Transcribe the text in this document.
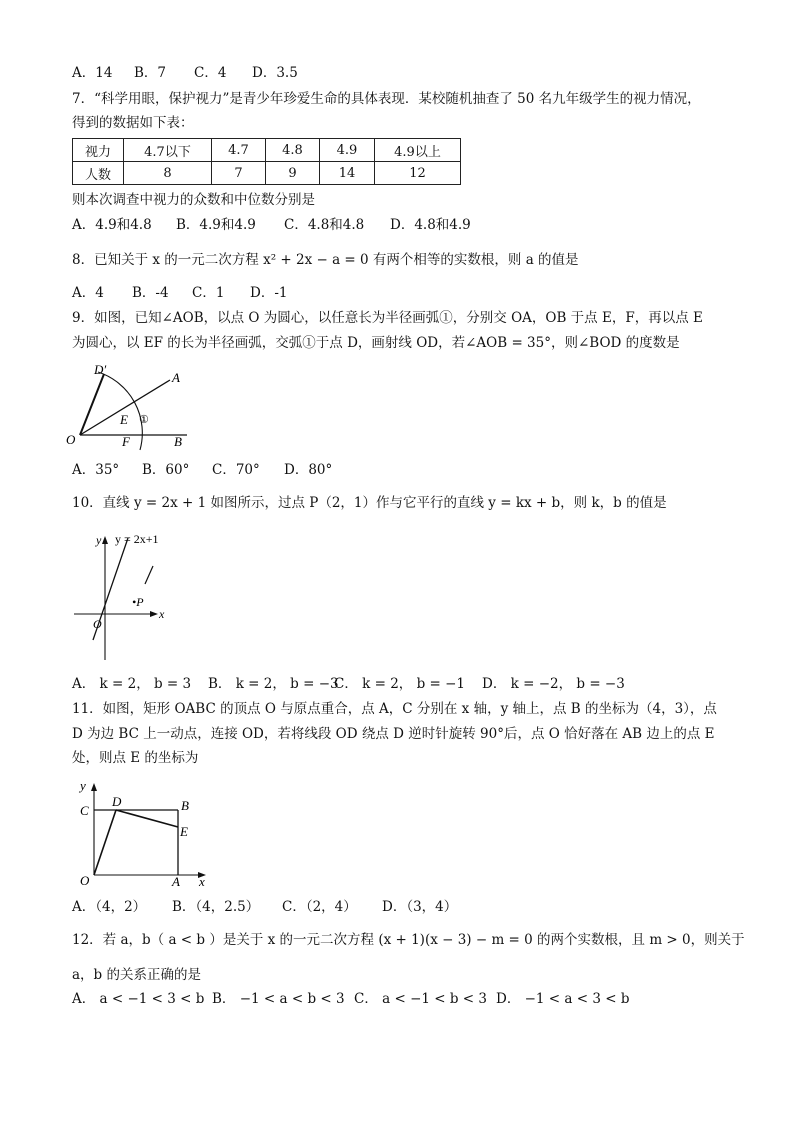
A．14 B．7 C．4 D．3.5
7．“科学用眼，保护视力”是青少年珍爱生命的具体表现．某校随机抽查了 50 名九年级学生的视力情况，
得到的数据如下表：
视力	4.7以下	4.7	4.8	4.9	4.9以上
人数	8	7	9	14	12
则本次调查中视力的众数和中位数分别是
A．4.9和4.8 B．4.9和4.9 C．4.8和4.8 D．4.8和4.9
8．已知关于 x 的一元二次方程 x² + 2x − a = 0 有两个相等的实数根，则 a 的值是
A．4 B．-4 C．1 D．-1
9．如图，已知∠AOB，以点 O 为圆心，以任意长为半径画弧①，分别交 OA，OB 于点 E，F，再以点 E
为圆心，以 EF 的长为半径画弧，交弧①于点 D，画射线 OD，若∠AOB = 35°，则∠BOD 的度数是
D′
A
E ①
O	F	B
A．35° B．60° C．70° D．80°
10．直线 y = 2x + 1 如图所示，过点 P（2，1）作与它平行的直线 y = kx + b，则 k，b 的值是
y y = 2x+1
•P
x
O
A． k = 2， b = 3 B． k = 2， b = −3C． k = 2， b = −1 D． k = −2， b = −3
11．如图，矩形 OABC 的顶点 O 与原点重合，点 A，C 分别在 x 轴，y 轴上，点 B 的坐标为（4，3），点
D 为边 BC 上一动点，连接 OD，若将线段 OD 绕点 D 逆时针旋转 90°后，点 O 恰好落在 AB 边上的点 E
处，则点 E 的坐标为
y
C
D	B
E
O	A x
A．（4，2） B．（4，2.5） C．（2，4） D．（3，4）
12．若 a，b（ a < b ）是关于 x 的一元二次方程 (x + 1)(x − 3) − m = 0 的两个实数根，且 m > 0，则关于
a，b 的关系正确的是
A． a < −1 < 3 < b B． −1 < a < b < 3 C． a < −1 < b < 3 D． −1 < a < 3 < b
